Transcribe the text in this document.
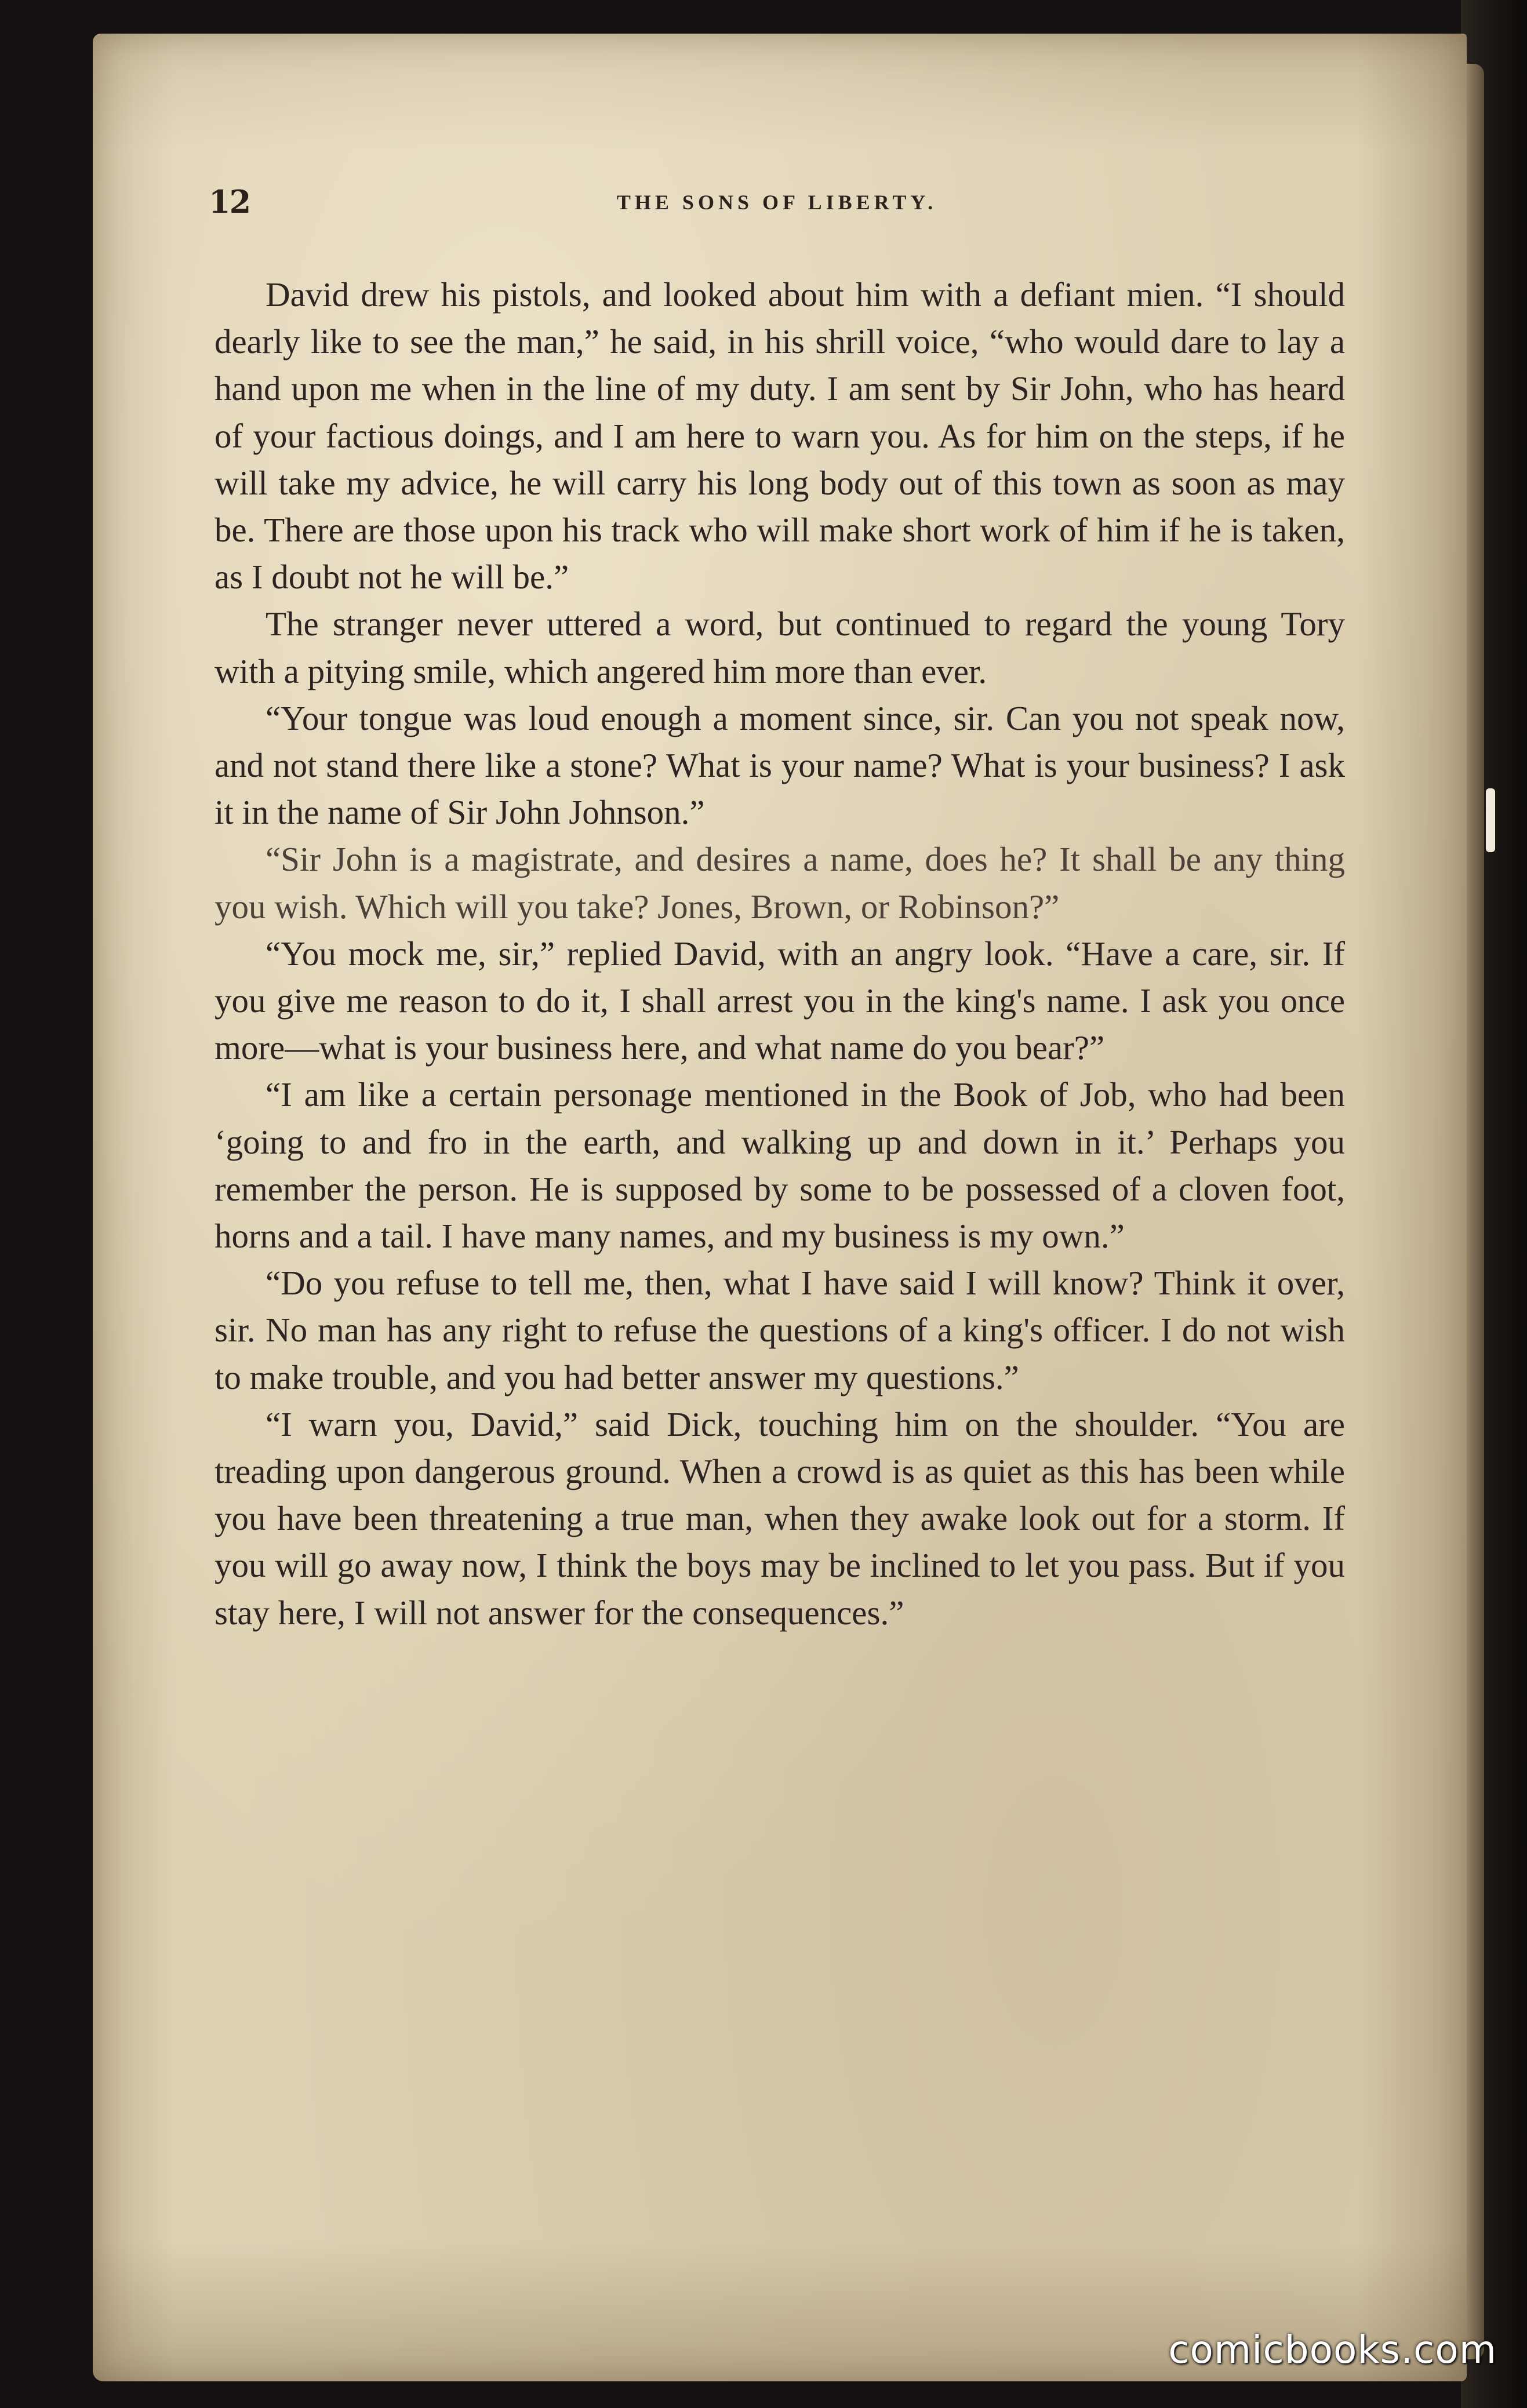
12	THE SONS OF LIBERTY.

David drew his pistols, and looked about him with a defiant mien. “I should dearly like to see the man,” he said, in his shrill voice, “who would dare to lay a hand upon me when in the line of my duty. I am sent by Sir John, who has heard of your factious doings, and I am here to warn you. As for him on the steps, if he will take my advice, he will carry his long body out of this town as soon as may be. There are those upon his track who will make short work of him if he is taken, as I doubt not he will be.”

The stranger never uttered a word, but continued to regard the young Tory with a pitying smile, which angered him more than ever.

“Your tongue was loud enough a moment since, sir. Can you not speak now, and not stand there like a stone? What is your name? What is your business? I ask it in the name of Sir John Johnson.”

“Sir John is a magistrate, and desires a name, does he? It shall be any thing you wish. Which will you take? Jones, Brown, or Robinson?”

“You mock me, sir,” replied David, with an angry look. “Have a care, sir. If you give me reason to do it, I shall arrest you in the king's name. I ask you once more—what is your business here, and what name do you bear?”

“I am like a certain personage mentioned in the Book of Job, who had been ‘going to and fro in the earth, and walking up and down in it.’ Perhaps you remember the person. He is supposed by some to be possessed of a cloven foot, horns and a tail. I have many names, and my business is my own.”

“Do you refuse to tell me, then, what I have said I will know? Think it over, sir. No man has any right to refuse the questions of a king's officer. I do not wish to make trouble, and you had better answer my questions.”

“I warn you, David,” said Dick, touching him on the shoulder. “You are treading upon dangerous ground. When a crowd is as quiet as this has been while you have been threatening a true man, when they awake look out for a storm. If you will go away now, I think the boys may be inclined to let you pass. But if you stay here, I will not answer for the consequences.”

comicbooks.com
